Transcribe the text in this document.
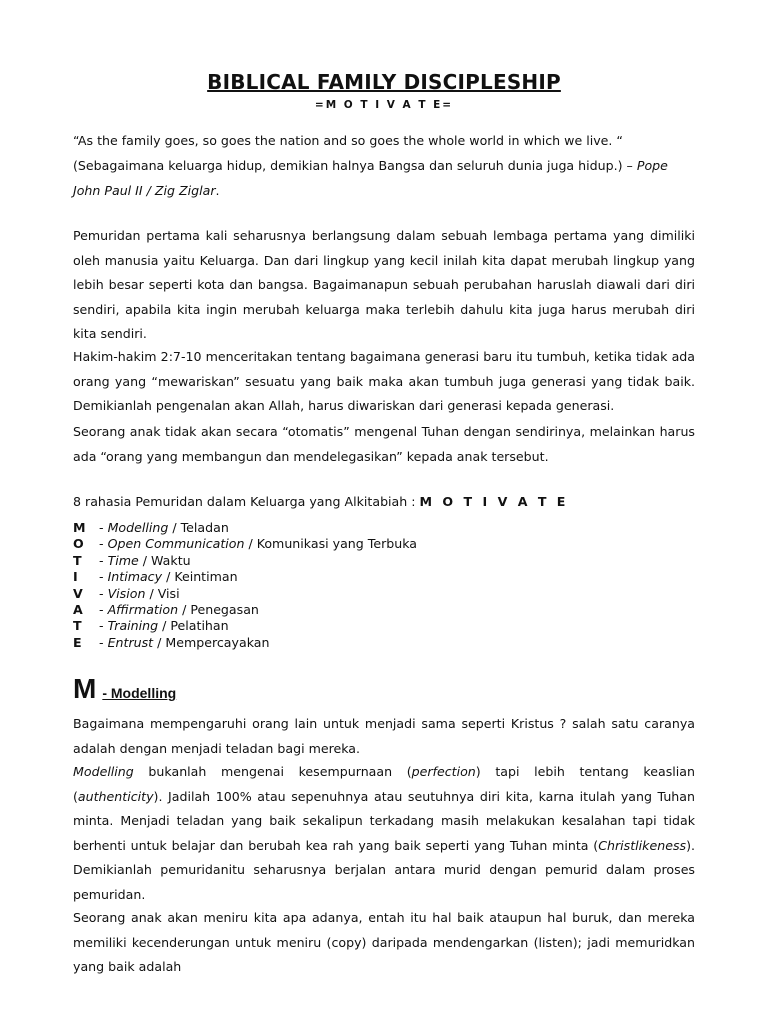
BIBLICAL FAMILY DISCIPLESHIP
=M O T I V A T E=
“As the family goes, so goes the nation and so goes the whole world in which we live. “
(Sebagaimana keluarga hidup, demikian halnya Bangsa dan seluruh dunia juga hidup.) – Pope John Paul II / Zig Ziglar.

Pemuridan pertama kali seharusnya berlangsung dalam sebuah lembaga pertama yang dimiliki oleh manusia yaitu Keluarga. Dan dari lingkup yang kecil inilah kita dapat merubah lingkup yang lebih besar seperti kota dan bangsa. Bagaimanapun sebuah perubahan haruslah diawali dari diri sendiri, apabila kita ingin merubah keluarga maka terlebih dahulu kita juga harus merubah diri kita sendiri.

Hakim-hakim 2:7-10 menceritakan tentang bagaimana generasi baru itu tumbuh, ketika tidak ada orang yang “mewariskan” sesuatu yang baik maka akan tumbuh juga generasi yang tidak baik. Demikianlah pengenalan akan Allah, harus diwariskan dari generasi kepada generasi.

Seorang anak tidak akan secara “otomatis” mengenal Tuhan dengan sendirinya, melainkan harus ada “orang yang membangun dan mendelegasikan” kepada anak tersebut.

8 rahasia Pemuridan dalam Keluarga yang Alkitabiah : M O T I V A T E
M	- Modelling / Teladan
O	- Open Communication / Komunikasi yang Terbuka
T	- Time / Waktu
I	- Intimacy / Keintiman
V	- Vision / Visi
A	- Affirmation / Penegasan
T	- Training / Pelatihan
E	- Entrust / Mempercayakan
M - Modelling

Bagaimana mempengaruhi orang lain untuk menjadi sama seperti Kristus ? salah satu caranya adalah dengan menjadi teladan bagi mereka.

Modelling bukanlah mengenai kesempurnaan (perfection) tapi lebih tentang keaslian (authenticity). Jadilah 100% atau sepenuhnya atau seutuhnya diri kita, karna itulah yang Tuhan minta. Menjadi teladan yang baik sekalipun terkadang masih melakukan kesalahan tapi tidak berhenti untuk belajar dan berubah kea rah yang baik seperti yang Tuhan minta (Christlikeness). Demikianlah pemuridanitu seharusnya berjalan antara murid dengan pemurid dalam proses pemuridan.

Seorang anak akan meniru kita apa adanya, entah itu hal baik ataupun hal buruk, dan mereka memiliki kecenderungan untuk meniru (copy) daripada mendengarkan (listen); jadi memuridkan yang baik adalah
